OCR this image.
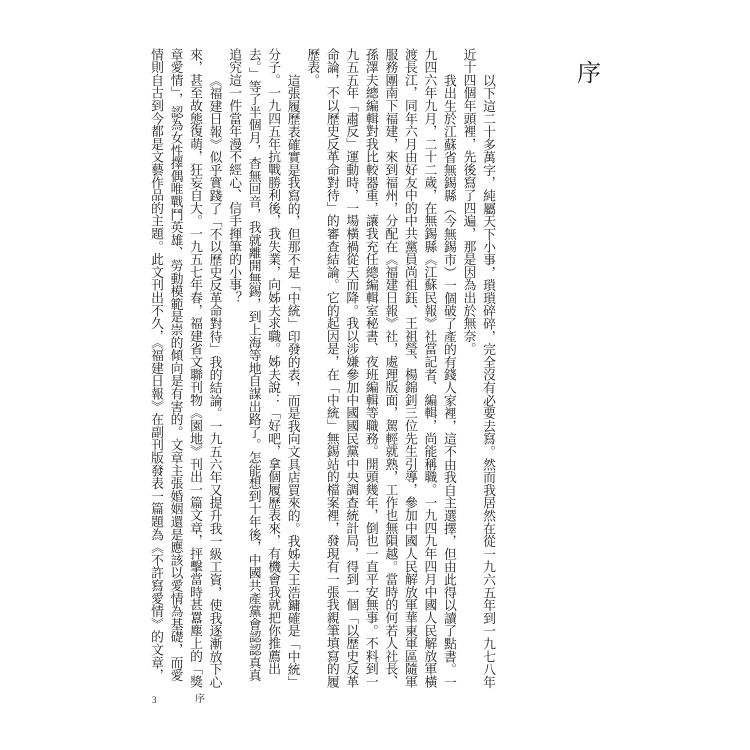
序
以下這二十多萬字，純屬天下小事，瑣瑣碎碎，完全沒有必要去寫。然而我居然在從一九六五年到一九七八年
近十四個年頭裡，先後寫了四遍，那是因為出於無奈。
我出生於江蘇省無錫縣（今無錫市）一個破了產的有錢人家裡，這不由我自主選擇，但由此得以讀了點書。一
九四六年九月，二十二歲，在無錫縣《江蘇民報》社當記者、編輯，尚能稱職。一九四九年四月中國人民解放軍橫
渡長江，同年六月由好友中的中共黨員尚祖鈺、王祖瑩、楊錦釗三位先生引導，參加中國人民解放軍華東軍區隨軍
服務團南下福建，來到福州，分配在《福建日報》社，處理版面，駕輕就熟，工作也無隕越。當時的何若人社長、
孫澤夫總編輯對我比較器重，讓我充任總編輯室秘書、夜班編輯等職務。開頭幾年，倒也一直平安無事。不料到一
九五五年「肅反」運動時，一場橫禍從天而降。我以涉嫌參加中國國民黨中央調查統計局，得到一個「以歷史反革
命論，不以歷史反革命對待」的審查結論。它的起因是，在「中統」無錫站的檔案裡，發現有一張我親筆填寫的履
歷表。
這張履歷表確實是我寫的，但那不是「中統」印發的表，而是我向文具店買來的。我姊夫王浩鏞確是「中統」
分子。一九四五年抗戰勝利後，我失業，向姊夫求職。姊夫說：「好吧，拿個履歷表來，有機會我就把你推薦出
去。」等了半個月，杳無回音，我就離開無錫，到上海等地自謀出路了。怎能想到十年後，中國共產黨會認認真真
追究這一件當年漫不經心、信手揮筆的小事？
《福建日報》似乎實踐了「不以歷史反革命對待」我的結論。一九五六年又提升我一級工資，使我逐漸放下心
來，甚至故態復萌，狂妄自大。一九五七年春，福建省文聯刊物《園地》刊出一篇文章，抨擊當時甚囂塵上的「獎
章愛情」，認為女性擇偶唯戰鬥英雄、勞動模範是崇的傾向是有害的。文章主張婚姻還是應該以愛情為基礎，而愛
情則自古到今都是文藝作品的主題。此文刊出不久，《福建日報》在副刊版發表一篇題為《不許寫愛情》的文章，
3	序
